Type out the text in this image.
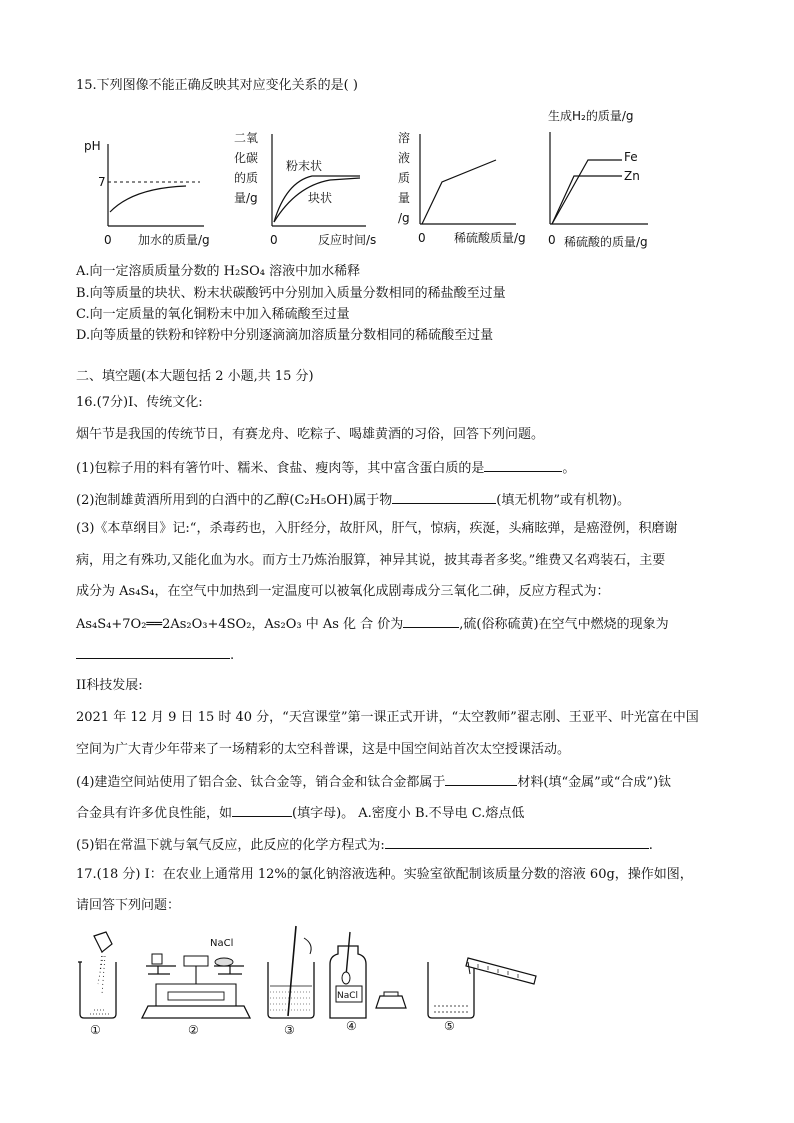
15.下列图像不能正确反映其对应变化关系的是( )
pH
7
0 加水的质量/g
二氧
化碳
的质
量/g
粉末状
块状
0	反应时间/s
溶
液
质
量
/g
0 稀硫酸质量/g
生成H₂的质量/g
Fe
Zn
0 稀硫酸的质量/g
A.向一定溶质质量分数的 H₂SO₄ 溶液中加水稀释
B.向等质量的块状、粉末状碳酸钙中分别加入质量分数相同的稀盐酸至过量
C.向一定质量的氧化铜粉末中加入稀硫酸至过量
D.向等质量的铁粉和锌粉中分别逐滴滴加溶质量分数相同的稀硫酸至过量
二、填空题(本大题包括 2 小题,共 15 分)
16.(7分)I、传统文化:
烟午节是我国的传统节日，有赛龙舟、吃粽子、喝雄黄酒的习俗，回答下列问题。
(1)包粽子用的料有箸竹叶、糯米、食盐、瘦肉等，其中富含蛋白质的是	。
(2)泡制雄黄酒所用到的白酒中的乙醇(C₂H₅OH)属于物	(填无机物”或有机物)。
(3)《本草纲目》记:“，杀毒药也，入肝经分，故肝风，肝气，惊病，疾涎，头痛眩弹，是癌澄例，积磨谢
病，用之有殊功,又能化血为水。而方士乃炼治服算，神异其说，披其毒者多奖。”维费又名鸡装石，主要
成分为 As₄S₄，在空气中加热到一定温度可以被氧化成剧毒成分三氧化二砷，反应方程式为：
As₄S₄+7O₂══2As₂O₃+4SO₂，As₂O₃ 中 As 化 合 价为	,硫(俗称硫黄)在空气中燃烧的现象为
.
II科技发展:
2021 年 12 月 9 日 15 时 40 分，“天宫课堂”第一课正式开讲，“太空教师”翟志刚、王亚平、叶光富在中国
空间为广大青少年带来了一场精彩的太空科普课，这是中国空间站首次太空授课活动。
(4)建造空间站使用了铝合金、钛合金等，销合金和钛合金都属于	材料(填“金属”或“合成”)钛
合金具有许多优良性能，如	(填字母)。 A.密度小 B.不导电 C.熔点低
(5)铝在常温下就与氧气反应，此反应的化学方程式为:	.
17.(18 分) I：在农业上通常用 12%的氯化钠溶液选种。实验室欲配制该质量分数的溶液 60g，操作如图，
请回答下列问题：
NaCl
NaCl
①	②	③	④	⑤
